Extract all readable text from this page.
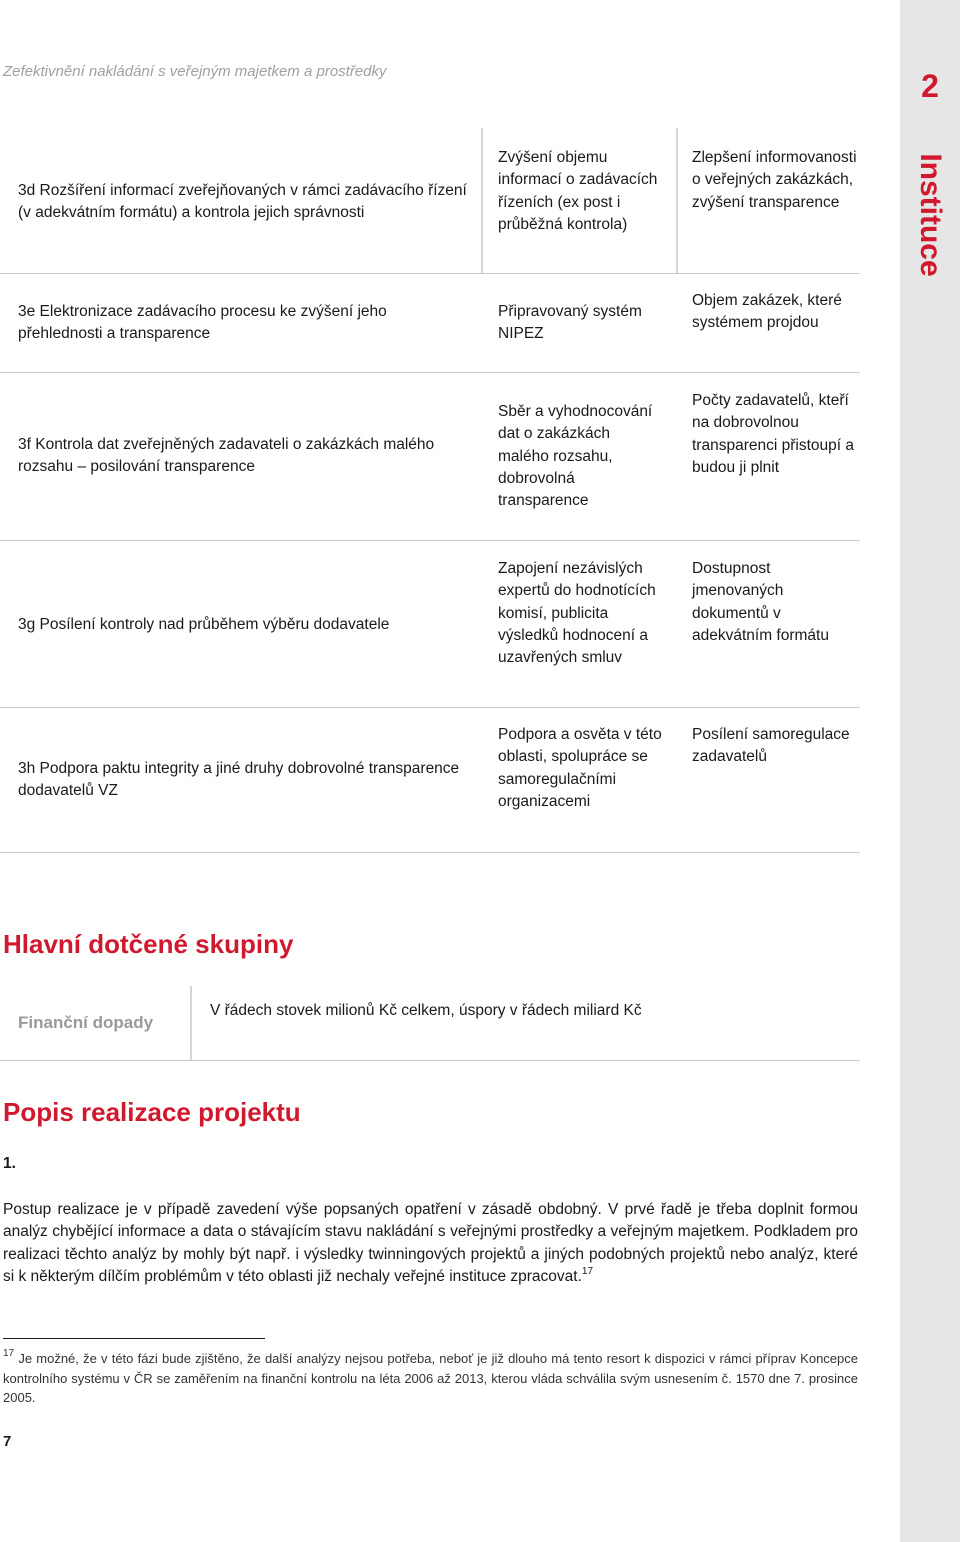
Zefektivnění nakládání s veřejným majetkem a prostředky	2
Instituce
3d Rozšíření informací zveřejňovaných v rámci zadávacího řízení (v adekvátním formátu) a kontrola jejich správnosti
Zvýšení objemu informací o zadávacích řízeních (ex post i průběžná kontrola)
Zlepšení informovanosti o veřejných zakázkách, zvýšení transparence
3e Elektronizace zadávacího procesu ke zvýšení jeho přehlednosti a transparence
Připravovaný systém NIPEZ
Objem zakázek, které systémem projdou
3f Kontrola dat zveřejněných zadavateli o zakázkách malého rozsahu – posilování transparence
Sběr a vyhodnocování dat o zakázkách malého rozsahu, dobrovolná transparence
Počty zadavatelů, kteří na dobrovolnou transparenci přistoupí a budou ji plnit
3g Posílení kontroly nad průběhem výběru dodavatele
Zapojení nezávislých expertů do hodnotících komisí, publicita výsledků hodnocení a uzavřených smluv
Dostupnost jmenovaných dokumentů v adekvátním formátu
3h Podpora paktu integrity a jiné druhy dobrovolné transparence dodavatelů VZ
Podpora a osvěta v této oblasti, spolupráce se samoregulačními organizacemi
Posílení samoregulace zadavatelů
Hlavní dotčené skupiny
Finanční dopady
V řádech stovek milionů Kč celkem, úspory v řádech miliard Kč
Popis realizace projektu
1.
Postup realizace je v případě zavedení výše popsaných opatření v zásadě obdobný. V prvé řadě je třeba doplnit formou analýz chybějící informace a data o stávajícím stavu nakládání s veřejnými prostředky a veřejným majetkem. Podkladem pro realizaci těchto analýz by mohly být např. i výsledky twinningových projektů a jiných podobných projektů nebo analýz, které si k některým dílčím problémům v této oblasti již nechaly veřejné instituce zpracovat.$^{17}$
$^{17}$ Je možné, že v této fázi bude zjištěno, že další analýzy nejsou potřeba, neboť je již dlouho má tento resort k dispozici v rámci příprav Koncepce kontrolního systému v ČR se zaměřením na finanční kontrolu na léta 2006 až 2013, kterou vláda schválila svým usnesením č. 1570 dne 7. prosince 2005.
7
